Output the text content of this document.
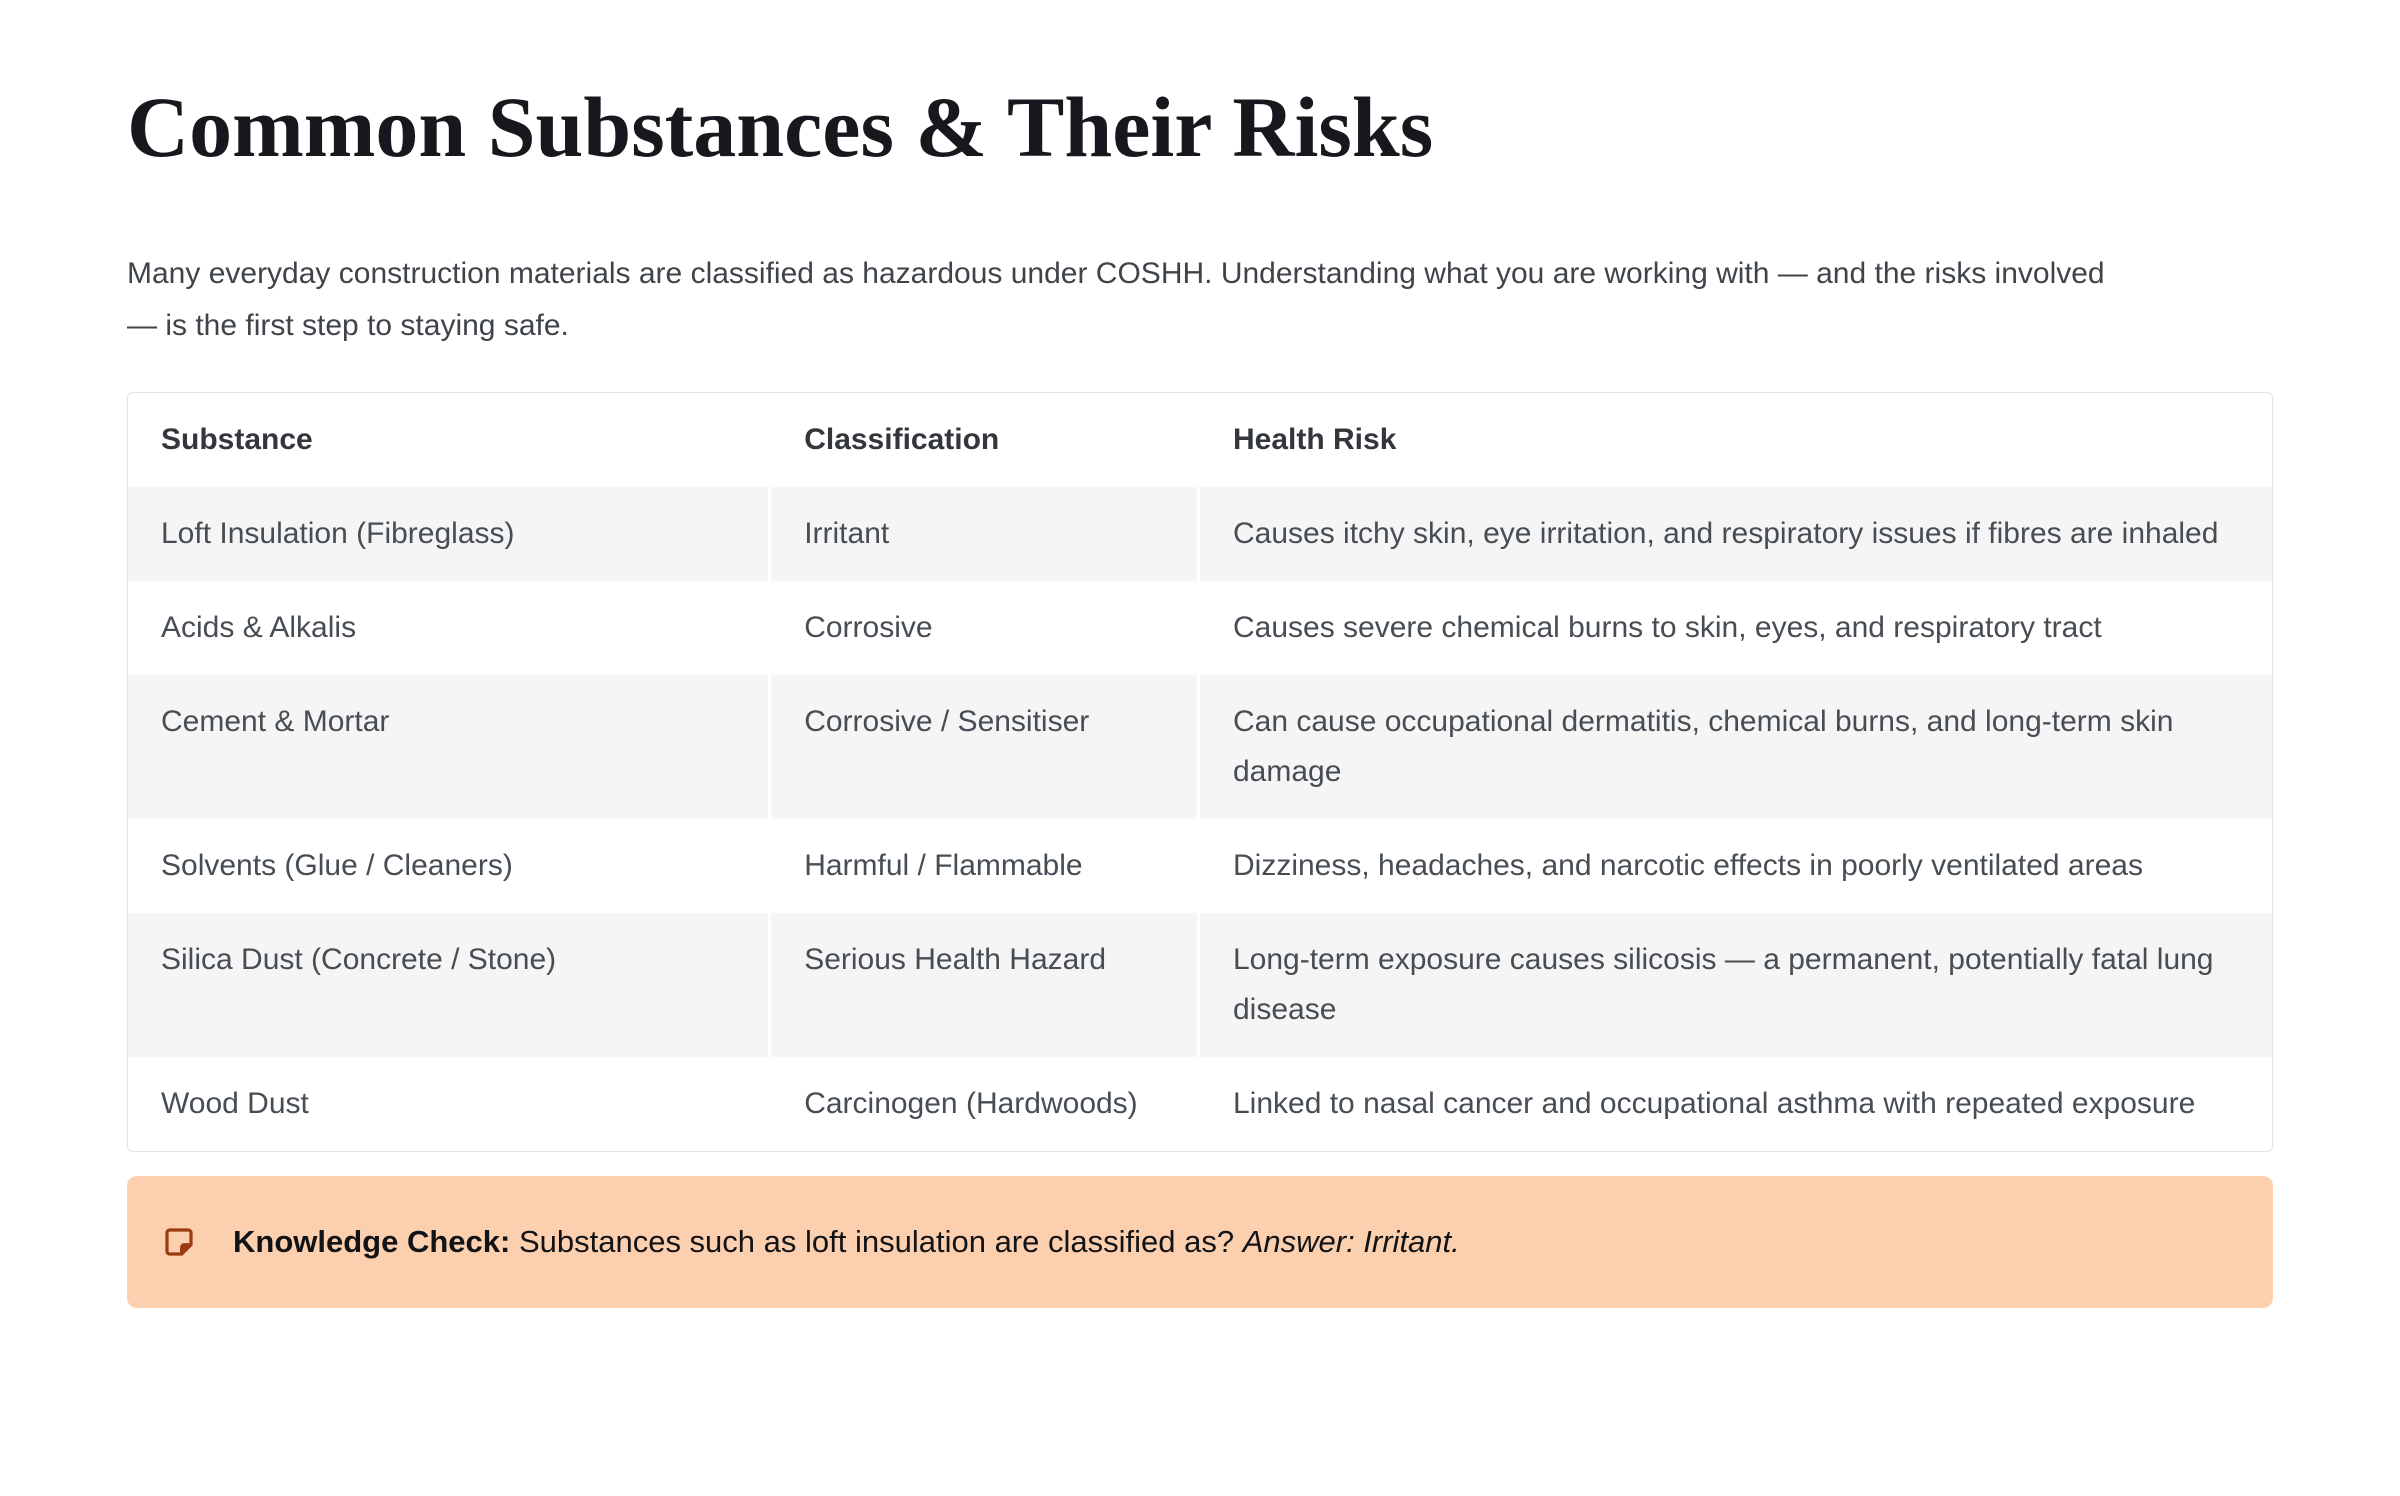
Common Substances & Their Risks

Many everyday construction materials are classified as hazardous under COSHH. Understanding what you are working with — and the risks involved
— is the first step to staying safe.

Substance	Classification	Health Risk
Loft Insulation (Fibreglass)	Irritant	Causes itchy skin, eye irritation, and respiratory issues if fibres are inhaled
Acids & Alkalis	Corrosive	Causes severe chemical burns to skin, eyes, and respiratory tract
Cement & Mortar	Corrosive / Sensitiser	Can cause occupational dermatitis, chemical burns, and long-term skin damage
Solvents (Glue / Cleaners)	Harmful / Flammable	Dizziness, headaches, and narcotic effects in poorly ventilated areas
Silica Dust (Concrete / Stone)	Serious Health Hazard	Long-term exposure causes silicosis — a permanent, potentially fatal lung disease
Wood Dust	Carcinogen (Hardwoods)	Linked to nasal cancer and occupational asthma with repeated exposure

Knowledge Check: Substances such as loft insulation are classified as? Answer: Irritant.
